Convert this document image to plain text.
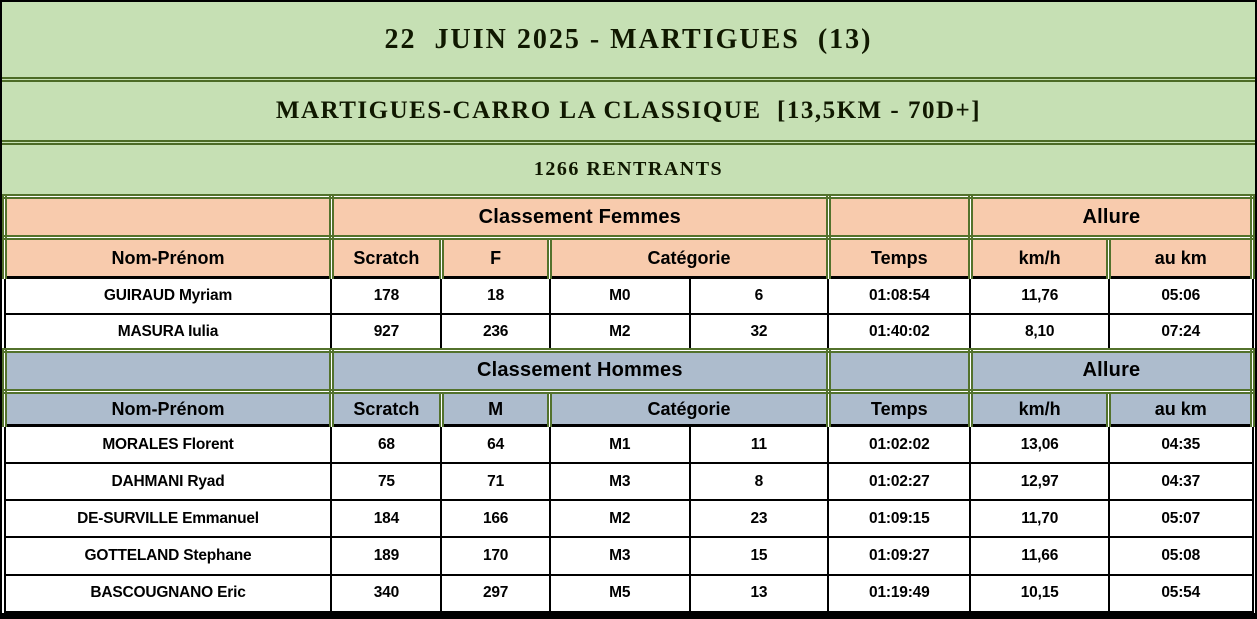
22  JUIN 2025 - MARTIGUES  (13)
MARTIGUES-CARRO LA CLASSIQUE  [13,5KM - 70D+]
1266 RENTRANTS
	Classement Femmes					Allure	
Nom-Prénom	Scratch	F	Catégorie		Temps	km/h	au km
GUIRAUD Myriam	178	18	M0	6	01:08:54	11,76	05:06
MASURA Iulia	927	236	M2	32	01:40:02	8,10	07:24
	Classement Hommes					Allure	
Nom-Prénom	Scratch	M	Catégorie		Temps	km/h	au km
MORALES Florent	68	64	M1	11	01:02:02	13,06	04:35
DAHMANI Ryad	75	71	M3	8	01:02:27	12,97	04:37
DE-SURVILLE Emmanuel	184	166	M2	23	01:09:15	11,70	05:07
GOTTELAND Stephane	189	170	M3	15	01:09:27	11,66	05:08
BASCOUGNANO Eric	340	297	M5	13	01:19:49	10,15	05:54
